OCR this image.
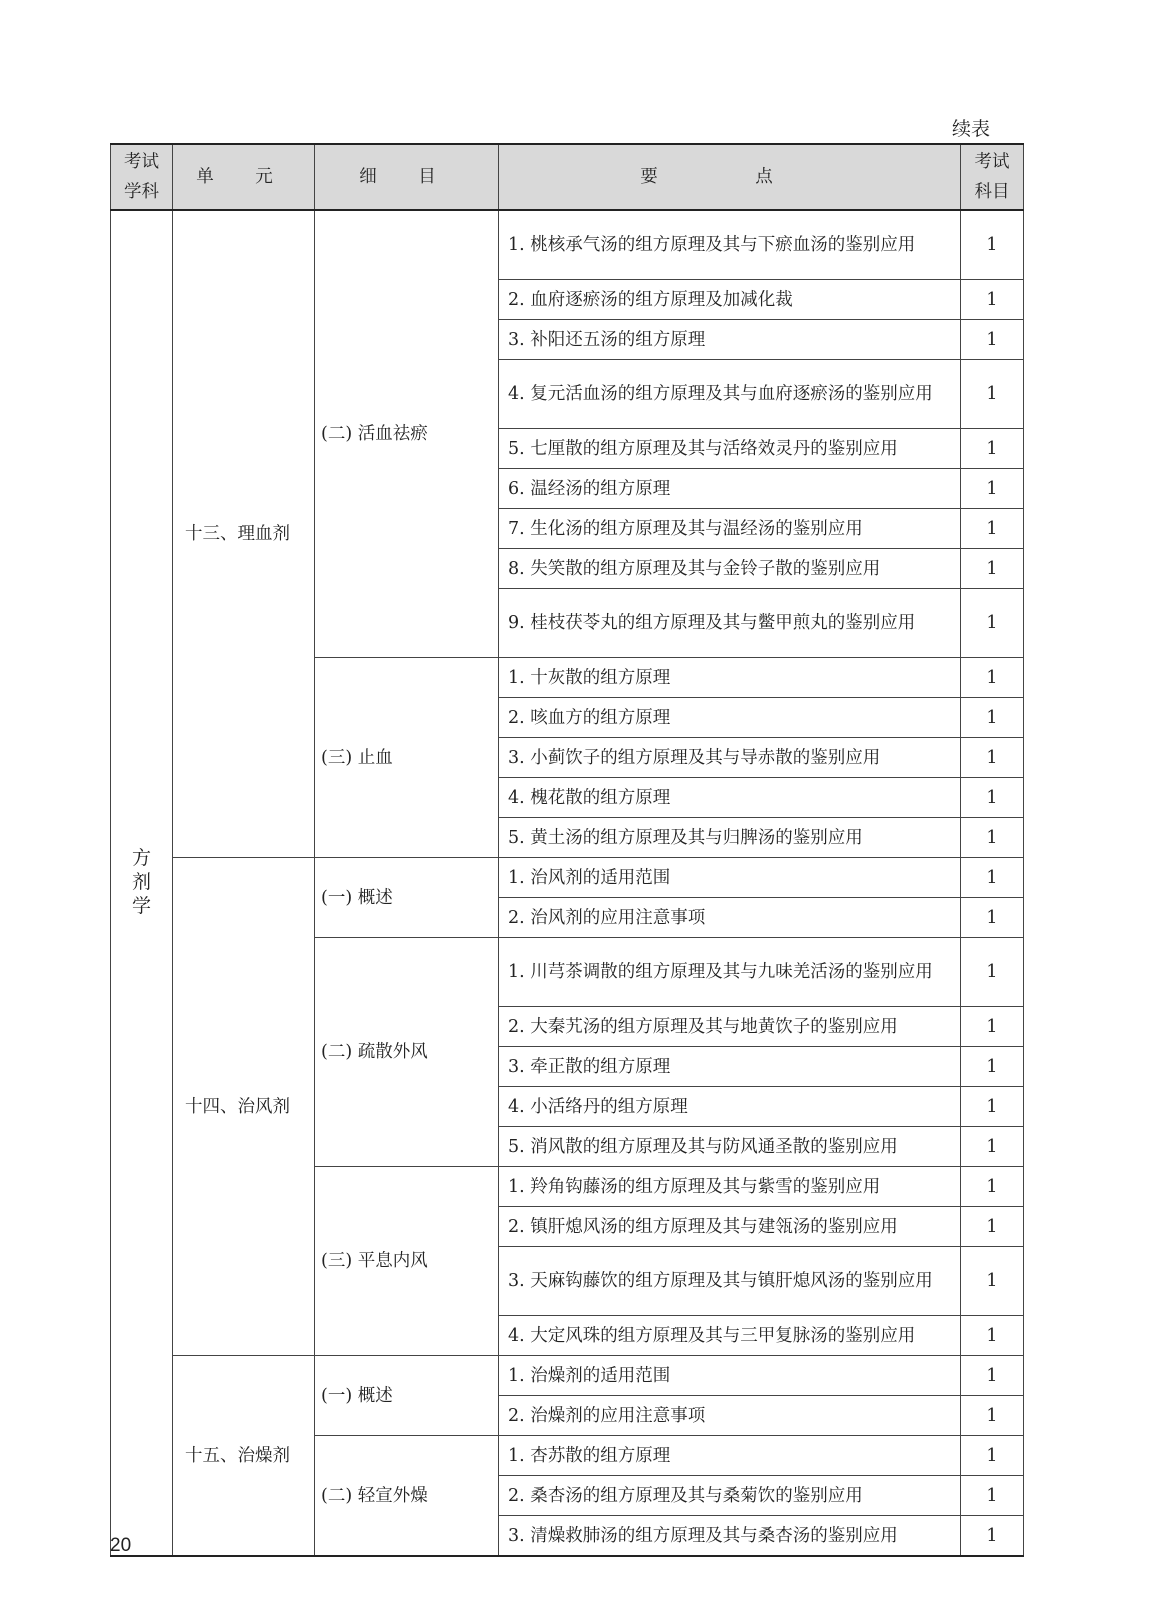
续表
考试学科	单 元	细 目	要 点	考试科目
方剂学	十三、理血剂	(二) 活血祛瘀	1. 桃核承气汤的组方原理及其与下瘀血汤的鉴别应用	1
			2. 血府逐瘀汤的组方原理及加减化裁	1
			3. 补阳还五汤的组方原理	1
			4. 复元活血汤的组方原理及其与血府逐瘀汤的鉴别应用	1
			5. 七厘散的组方原理及其与活络效灵丹的鉴别应用	1
			6. 温经汤的组方原理	1
			7. 生化汤的组方原理及其与温经汤的鉴别应用	1
			8. 失笑散的组方原理及其与金铃子散的鉴别应用	1
			9. 桂枝茯苓丸的组方原理及其与鳖甲煎丸的鉴别应用	1
		(三) 止血	1. 十灰散的组方原理	1
			2. 咳血方的组方原理	1
			3. 小蓟饮子的组方原理及其与导赤散的鉴别应用	1
			4. 槐花散的组方原理	1
			5. 黄土汤的组方原理及其与归脾汤的鉴别应用	1
	十四、治风剂	(一) 概述	1. 治风剂的适用范围	1
			2. 治风剂的应用注意事项	1
		(二) 疏散外风	1. 川芎茶调散的组方原理及其与九味羌活汤的鉴别应用	1
			2. 大秦艽汤的组方原理及其与地黄饮子的鉴别应用	1
			3. 牵正散的组方原理	1
			4. 小活络丹的组方原理	1
			5. 消风散的组方原理及其与防风通圣散的鉴别应用	1
		(三) 平息内风	1. 羚角钩藤汤的组方原理及其与紫雪的鉴别应用	1
			2. 镇肝熄风汤的组方原理及其与建瓴汤的鉴别应用	1
			3. 天麻钩藤饮的组方原理及其与镇肝熄风汤的鉴别应用	1
			4. 大定风珠的组方原理及其与三甲复脉汤的鉴别应用	1
	十五、治燥剂	(一) 概述	1. 治燥剂的适用范围	1
			2. 治燥剂的应用注意事项	1
		(二) 轻宣外燥	1. 杏苏散的组方原理	1
			2. 桑杏汤的组方原理及其与桑菊饮的鉴别应用	1
			3. 清燥救肺汤的组方原理及其与桑杏汤的鉴别应用	1
20
